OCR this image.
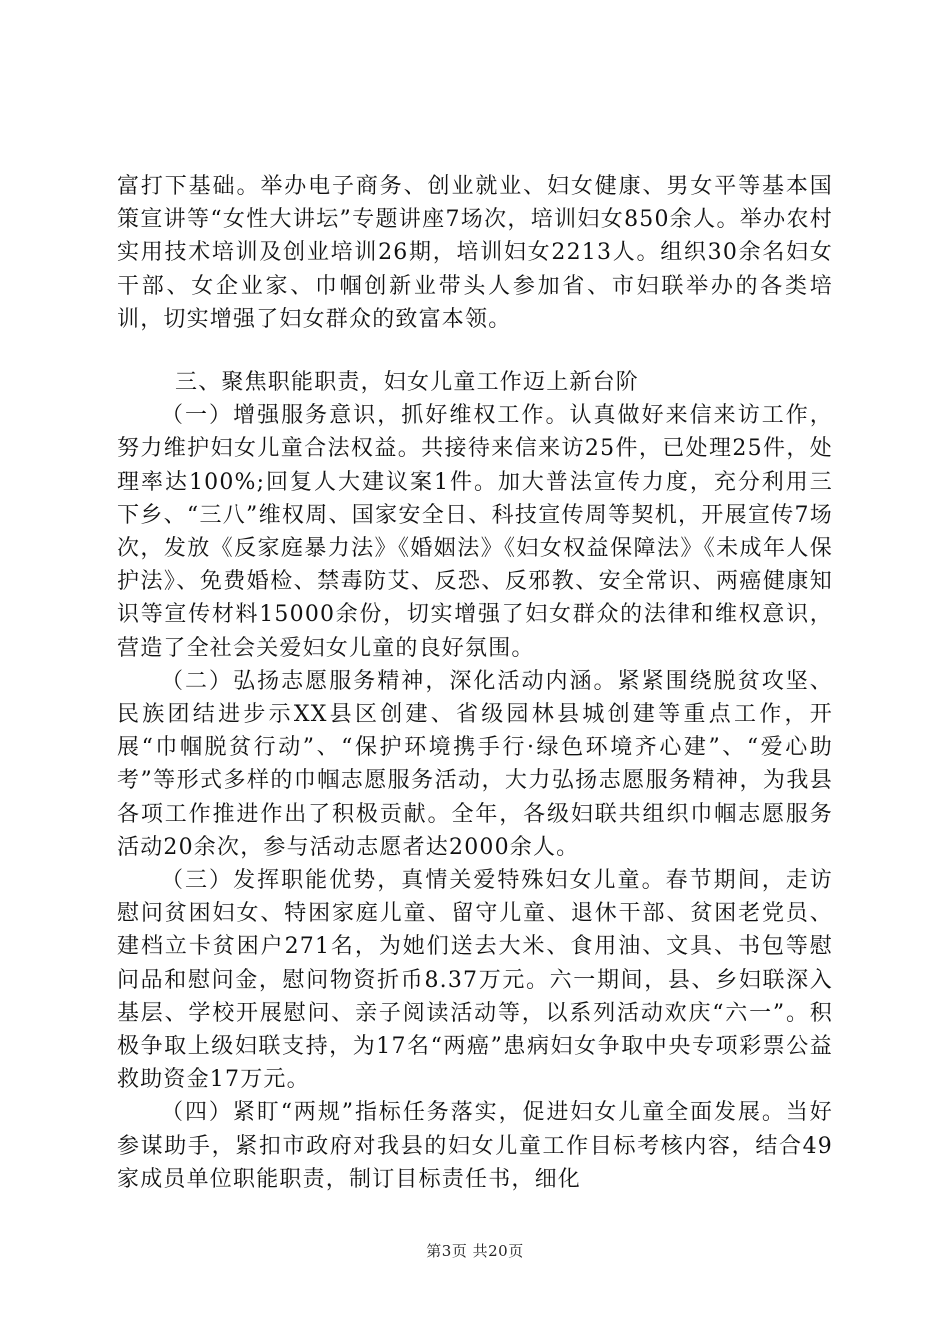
富打下基础。举办电子商务、创业就业、妇女健康、男女平等基本国策宣讲等“女性大讲坛”专题讲座7场次，培训妇女850余人。举办农村实用技术培训及创业培训26期，培训妇女2213人。组织30余名妇女干部、女企业家、巾帼创新业带头人参加省、市妇联举办的各类培训，切实增强了妇女群众的致富本领。

三、聚焦职能职责，妇女儿童工作迈上新台阶

（一）增强服务意识，抓好维权工作。认真做好来信来访工作，努力维护妇女儿童合法权益。共接待来信来访25件，已处理25件，处理率达100%;回复人大建议案1件。加大普法宣传力度，充分利用三下乡、“三八”维权周、国家安全日、科技宣传周等契机，开展宣传7场次，发放《反家庭暴力法》《婚姻法》《妇女权益保障法》《未成年人保护法》、免费婚检、禁毒防艾、反恐、反邪教、安全常识、两癌健康知识等宣传材料15000余份，切实增强了妇女群众的法律和维权意识，营造了全社会关爱妇女儿童的良好氛围。

（二）弘扬志愿服务精神，深化活动内涵。紧紧围绕脱贫攻坚、民族团结进步示XX县区创建、省级园林县城创建等重点工作，开展“巾帼脱贫行动”、“保护环境携手行·绿色环境齐心建”、“爱心助考”等形式多样的巾帼志愿服务活动，大力弘扬志愿服务精神，为我县各项工作推进作出了积极贡献。全年，各级妇联共组织巾帼志愿服务活动20余次，参与活动志愿者达2000余人。

（三）发挥职能优势，真情关爱特殊妇女儿童。春节期间，走访慰问贫困妇女、特困家庭儿童、留守儿童、退休干部、贫困老党员、建档立卡贫困户271名，为她们送去大米、食用油、文具、书包等慰问品和慰问金，慰问物资折币8.37万元。六一期间，县、乡妇联深入基层、学校开展慰问、亲子阅读活动等，以系列活动欢庆“六一”。积极争取上级妇联支持，为17名“两癌”患病妇女争取中央专项彩票公益救助资金17万元。

（四）紧盯“两规”指标任务落实，促进妇女儿童全面发展。当好参谋助手，紧扣市政府对我县的妇女儿童工作目标考核内容，结合49家成员单位职能职责，制订目标责任书，细化

第3页 共20页
